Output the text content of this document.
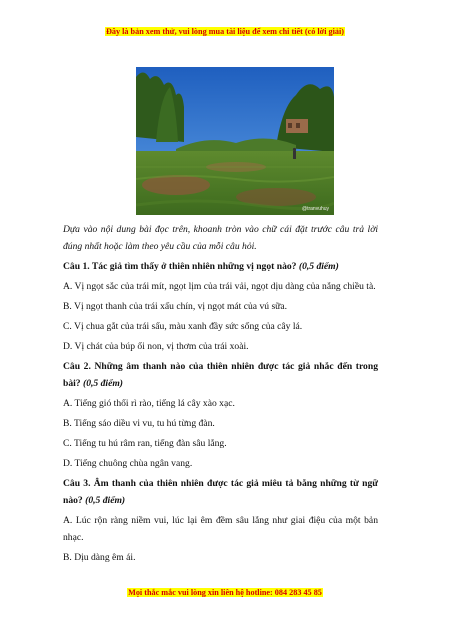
Đây là bản xem thử, vui lòng mua tài liệu để xem chi tiết (có lời giải)
@tranvuhuy

Dựa vào nội dung bài đọc trên, khoanh tròn vào chữ cái đặt trước câu trả lời đúng nhất hoặc làm theo yêu cầu của mỗi câu hỏi.

Câu 1. Tác giả tìm thấy ở thiên nhiên những vị ngọt nào? (0,5 điểm)

A. Vị ngọt sắc của trái mít, ngọt lịm của trái vải, ngọt dịu dàng của nắng chiều tà.

B. Vị ngọt thanh của trái xấu chín, vị ngọt mát của vú sữa.

C. Vị chua gắt của trái sấu, màu xanh đầy sức sống của cây lá.

D. Vị chát của búp ổi non, vị thơm của trái xoài.

Câu 2. Những âm thanh nào của thiên nhiên được tác giả nhắc đến trong bài? (0,5 điểm)

A. Tiếng gió thổi rì rào, tiếng lá cây xào xạc.

B. Tiếng sáo diều vi vu, tu hú từng đàn.

C. Tiếng tu hú râm ran, tiếng đàn sâu lắng.

D. Tiếng chuông chùa ngân vang.

Câu 3. Âm thanh của thiên nhiên được tác giả miêu tả bằng những từ ngữ nào? (0,5 điểm)

A. Lúc rộn ràng niềm vui, lúc lại êm đềm sâu lắng như giai điệu của một bản nhạc.

B. Dịu dàng êm ái.

Mọi thắc mắc vui lòng xin liên hệ hotline: 084 283 45 85
